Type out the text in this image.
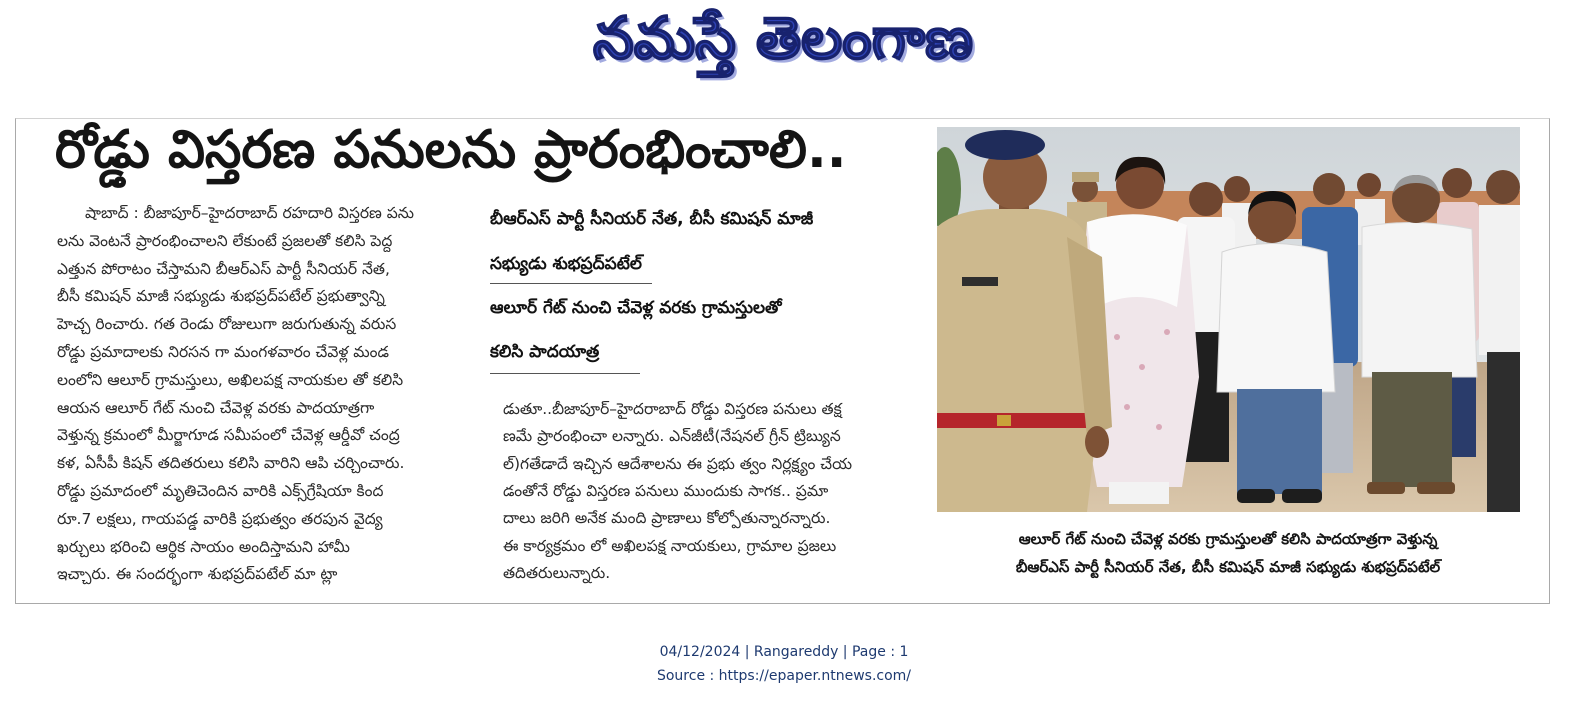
నమస్తే తెలంగాణ
రోడ్డు విస్తరణ పనులను ప్రారంభించాలి..
షాబాద్ : బీజాపూర్–హైదరాబాద్ రహదారి విస్తరణ పను
లను వెంటనే ప్రారంభించాలని లేకుంటే ప్రజలతో కలిసి పెద్ద
ఎత్తున పోరాటం చేస్తామని బీఆర్ఎస్ పార్టీ సీనియర్ నేత,
బీసీ కమిషన్ మాజీ సభ్యుడు శుభప్రద్‌పటేల్ ప్రభుత్వాన్ని
హెచ్చ రించారు. గత రెండు రోజులుగా జరుగుతున్న వరుస
రోడ్డు ప్రమాదాలకు నిరసన గా మంగళవారం చేవెళ్ల మండ
లంలోని ఆలూర్ గ్రామస్తులు, అఖిలపక్ష నాయకుల తో కలిసి
ఆయన ఆలూర్ గేట్ నుంచి చేవెళ్ల వరకు పాదయాత్రగా
వెళ్తున్న క్రమంలో మీర్జాగూడ సమీపంలో చేవెళ్ల ఆర్డీవో చంద్ర
కళ, ఏసీపీ కిషన్ తదితరులు కలిసి వారిని ఆపి చర్చించారు.
రోడ్డు ప్రమాదంలో మృతిచెందిన వారికి ఎక్స్‌గ్రేషియా కింద
రూ.7 లక్షలు, గాయపడ్డ వారికి ప్రభుత్వం తరపున వైద్య
ఖర్చులు భరించి ఆర్థిక సాయం అందిస్తామని హామీ
ఇచ్చారు. ఈ సందర్భంగా శుభప్రద్‌పటేల్ మా ట్లా
బీఆర్ఎస్ పార్టీ సీనియర్ నేత, బీసీ కమిషన్ మాజీ
సభ్యుడు శుభప్రద్‌పటేల్
ఆలూర్ గేట్ నుంచి చేవెళ్ల వరకు గ్రామస్తులతో
కలిసి పాదయాత్ర
డుతూ..బీజాపూర్–హైదరాబాద్ రోడ్డు విస్తరణ పనులు తక్ష
ణమే ప్రారంభించా లన్నారు. ఎన్‌జీటీ(నేషనల్ గ్రీన్ ట్రిబ్యున
ల్)గతేడాదే ఇచ్చిన ఆదేశాలను ఈ ప్రభు త్వం నిర్లక్ష్యం చేయ
డంతోనే రోడ్డు విస్తరణ పనులు ముందుకు సాగక.. ప్రమా
దాలు జరిగి అనేక మంది ప్రాణాలు కోల్పోతున్నారన్నారు.
ఈ కార్యక్రమం లో అఖిలపక్ష నాయకులు, గ్రామాల ప్రజలు
తదితరులున్నారు.
ఆలూర్ గేట్ నుంచి చేవెళ్ల వరకు గ్రామస్తులతో కలిసి పాదయాత్రగా వెళ్తున్న
బీఆర్ఎస్ పార్టీ సీనియర్ నేత, బీసీ కమిషన్ మాజీ సభ్యుడు శుభప్రద్‌పటేల్
04/12/2024 | Rangareddy | Page : 1
Source : https://epaper.ntnews.com/
